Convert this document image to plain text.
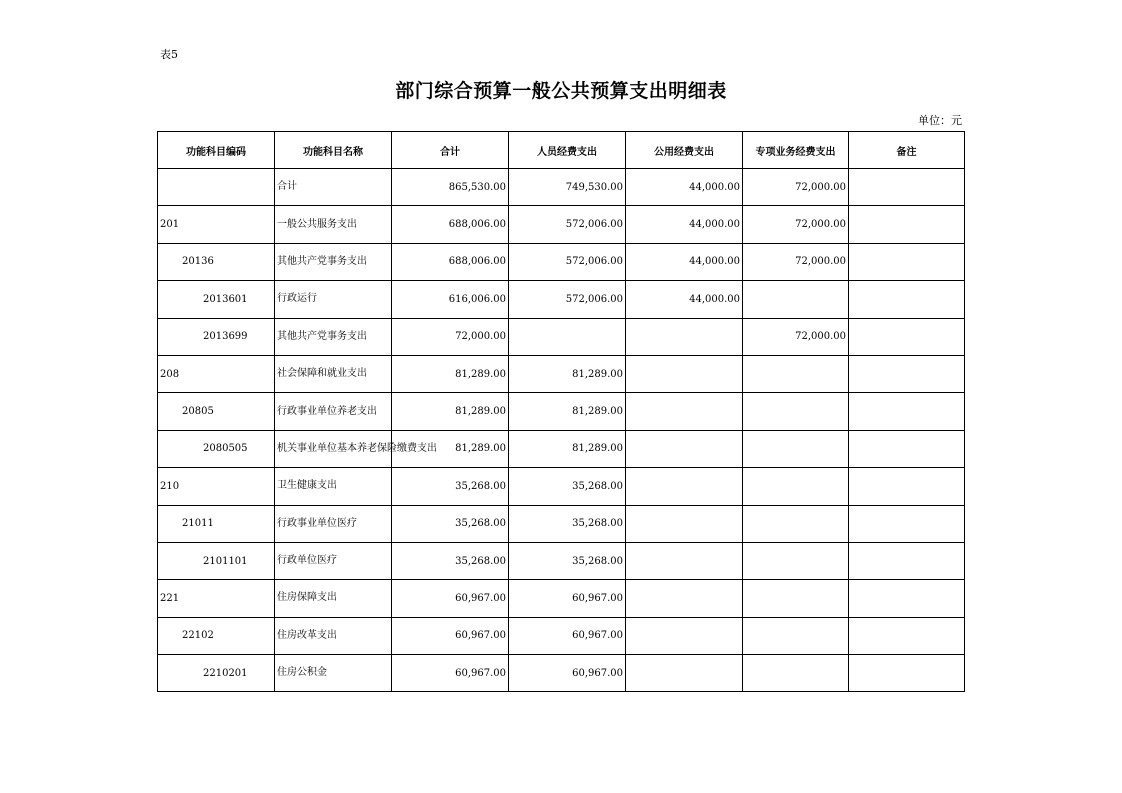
表5
部门综合预算一般公共预算支出明细表
单位：元
功能科目编码	功能科目名称	合计	人员经费支出	公用经费支出	专项业务经费支出	备注
	合计	865,530.00	749,530.00	44,000.00	72,000.00	
201	一般公共服务支出	688,006.00	572,006.00	44,000.00	72,000.00	
20136	其他共产党事务支出	688,006.00	572,006.00	44,000.00	72,000.00	
2013601	行政运行	616,006.00	572,006.00	44,000.00		
2013699	其他共产党事务支出	72,000.00			72,000.00	
208	社会保障和就业支出	81,289.00	81,289.00			
20805	行政事业单位养老支出	81,289.00	81,289.00			
2080505	机关事业单位基本养老保险缴费支出	81,289.00	81,289.00			
210	卫生健康支出	35,268.00	35,268.00			
21011	行政事业单位医疗	35,268.00	35,268.00			
2101101	行政单位医疗	35,268.00	35,268.00			
221	住房保障支出	60,967.00	60,967.00			
22102	住房改革支出	60,967.00	60,967.00			
2210201	住房公积金	60,967.00	60,967.00			
